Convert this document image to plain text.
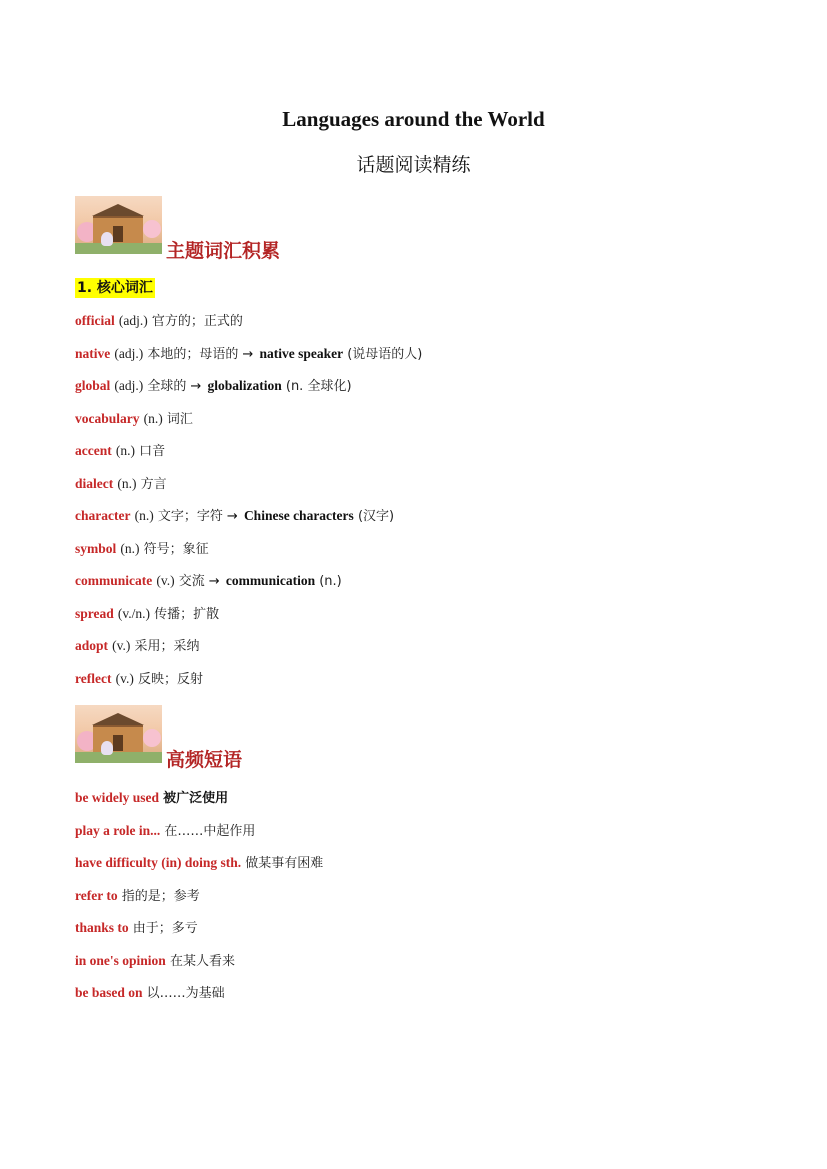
Languages around the World
话题阅读精练
主题词汇积累
1. 核心词汇
official (adj.) 官方的；正式的
native (adj.) 本地的；母语的 → native speaker (说母语的人)
global (adj.) 全球的 → globalization (n. 全球化)
vocabulary (n.) 词汇
accent (n.) 口音
dialect (n.) 方言
character (n.) 文字；字符 → Chinese characters (汉字)
symbol (n.) 符号；象征
communicate (v.) 交流 → communication (n.)
spread (v./n.) 传播；扩散
adopt (v.) 采用；采纳
reflect (v.) 反映；反射
高频短语
be widely used 被广泛使用
play a role in... 在……中起作用
have difficulty (in) doing sth. 做某事有困难
refer to 指的是；参考
thanks to 由于；多亏
in one's opinion 在某人看来
be based on 以……为基础
